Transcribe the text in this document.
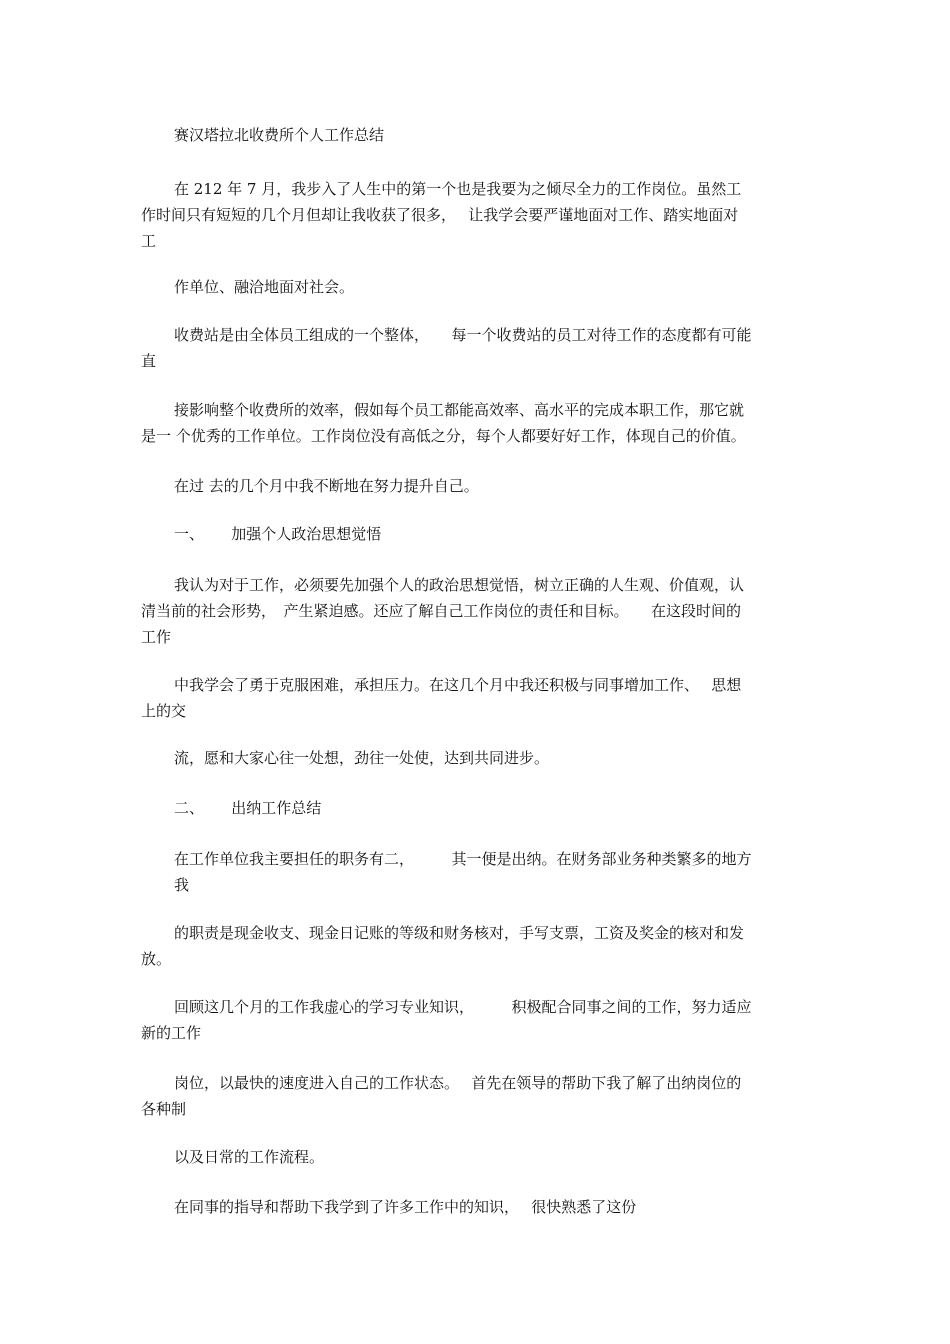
赛汉塔拉北收费所个人工作总结
在 212 年 7 月，我步入了人生中的第一个也是我要为之倾尽全力的工作岗位。虽然工
作时间只有短短的几个月但却让我收获了很多，　 让我学会要严谨地面对工作、踏实地面对
工
作单位、融洽地面对社会。
收费站是由全体员工组成的一个整体，　　每一个收费站的员工对待工作的态度都有可能
直
接影响整个收费所的效率，假如每个员工都能高效率、高水平的完成本职工作，那它就
是一 个优秀的工作单位。工作岗位没有高低之分，每个人都要好好工作，体现自己的价值。
在过 去的几个月中我不断地在努力提升自己。
一、　　 加强个人政治思想觉悟
我认为对于工作，必须要先加强个人的政治思想觉悟，树立正确的人生观、价值观，认
清当前的社会形势，　产生紧迫感。还应了解自己工作岗位的责任和目标。　　在这段时间的
工作
中我学会了勇于克服困难，承担压力。在这几个月中我还积极与同事增加工作、　 思想
上的交
流，愿和大家心往一处想，劲往一处使，达到共同进步。
二、　　 出纳工作总结
在工作单位我主要担任的职务有二，　　　其一便是出纳。在财务部业务种类繁多的地方
我
的职责是现金收支、现金日记账的等级和财务核对，手写支票，工资及奖金的核对和发
放。
回顾这几个月的工作我虚心的学习专业知识，　　　积极配合同事之间的工作，努力适应
新的工作
岗位，以最快的速度进入自己的工作状态。　 首先在领导的帮助下我了解了出纳岗位的
各种制
以及日常的工作流程。
在同事的指导和帮助下我学到了许多工作中的知识，　 很快熟悉了这份
